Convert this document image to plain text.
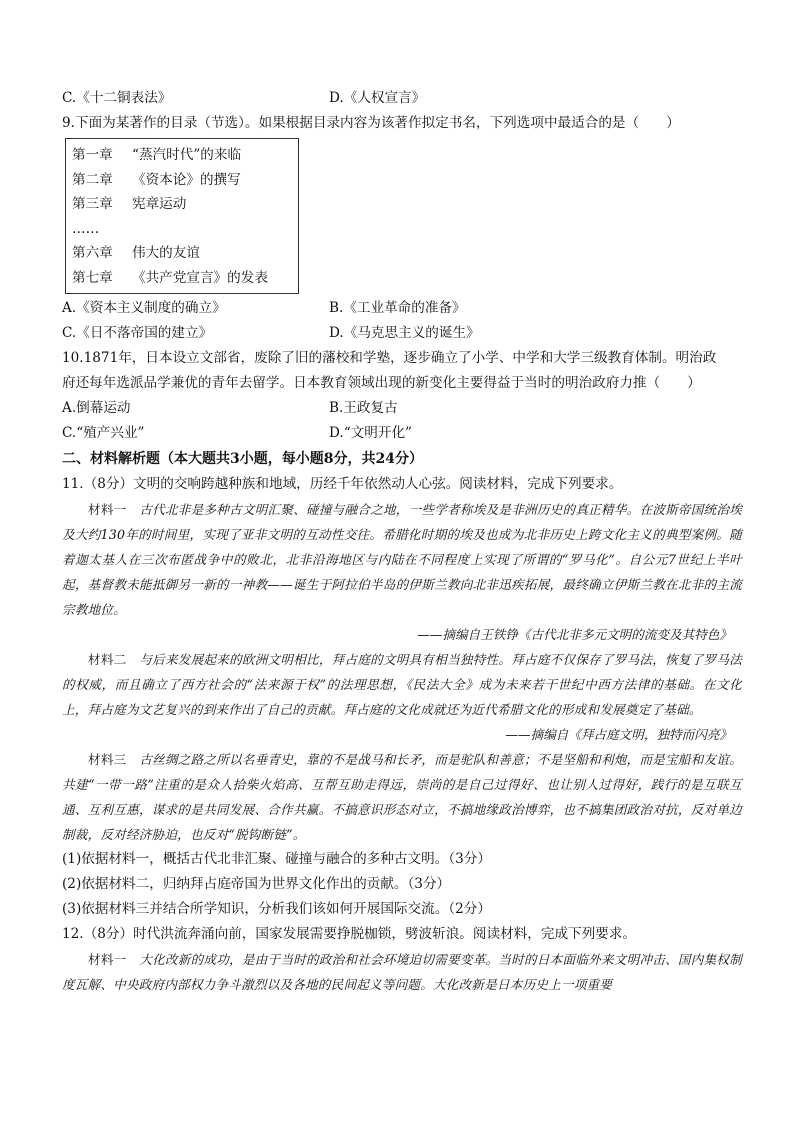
C.《十二铜表法》	D.《人权宣言》
9.下面为某著作的目录（节选）。如果根据目录内容为该著作拟定书名，下列选项中最适合的是（　　）
第一章 “蒸汽时代”的来临
第二章 《资本论》的撰写
第三章 宪章运动
……
第六章 伟大的友谊
第七章 《共产党宣言》的发表
A.《资本主义制度的确立》	B.《工业革命的准备》
C.《日不落帝国的建立》	D.《马克思主义的诞生》
10.1871年，日本设立文部省，废除了旧的藩校和学塾，逐步确立了小学、中学和大学三级教育体制。明治政
府还每年选派品学兼优的青年去留学。日本教育领域出现的新变化主要得益于当时的明治政府力推（　　）
A.倒幕运动	B.王政复古
C.“殖产兴业”	D.“文明开化”
二、材料解析题（本大题共3小题，每小题8分，共24分）
11.（8分）文明的交响跨越种族和地域，历经千年依然动人心弦。阅读材料，完成下列要求。

材料一　 古代北非是多种古文明汇聚、碰撞与融合之地，一些学者称埃及是非洲历史的真正精华。在波斯帝国统治埃及大约130年的时间里，实现了亚非文明的互动性交往。希腊化时期的埃及也成为北非历史上跨文化主义的典型案例。随着迦太基人在三次布匿战争中的败北，北非沿海地区与内陆在不同程度上实现了所谓的“罗马化”。自公元7世纪上半叶起，基督教未能抵御另一新的一神教——诞生于阿拉伯半岛的伊斯兰教向北非迅疾拓展，最终确立伊斯兰教在北非的主流宗教地位。

——摘编自王铁铮《古代北非多元文明的流变及其特色》

材料二　 与后来发展起来的欧洲文明相比，拜占庭的文明具有相当独特性。拜占庭不仅保存了罗马法，恢复了罗马法的权威，而且确立了西方社会的“法来源于权”的法理思想，《民法大全》成为未来若干世纪中西方法律的基础。在文化上，拜占庭为文艺复兴的到来作出了自己的贡献。拜占庭的文化成就还为近代希腊文化的形成和发展奠定了基础。

——摘编自《拜占庭文明，独特而闪亮》

材料三　 古丝绸之路之所以名垂青史，靠的不是战马和长矛，而是驼队和善意；不是坚船和利炮，而是宝船和友谊。共建“一带一路”注重的是众人拾柴火焰高、互帮互助走得远，崇尚的是自己过得好、也让别人过得好，践行的是互联互通、互利互惠，谋求的是共同发展、合作共赢。不搞意识形态对立，不搞地缘政治博弈，也不搞集团政治对抗，反对单边制裁，反对经济胁迫，也反对“脱钩断链”。

(1)依据材料一，概括古代北非汇聚、碰撞与融合的多种古文明。（3分）
(2)依据材料二，归纳拜占庭帝国为世界文化作出的贡献。（3分）
(3)依据材料三并结合所学知识，分析我们该如何开展国际交流。（2分）
12.（8分）时代洪流奔涌向前，国家发展需要挣脱枷锁，劈波斩浪。阅读材料，完成下列要求。

材料一　 大化改新的成功，是由于当时的政治和社会环境迫切需要变革。当时的日本面临外来文明冲击、国内集权制度瓦解、中央政府内部权力争斗激烈以及各地的民间起义等问题。大化改新是日本历史上一项重要
